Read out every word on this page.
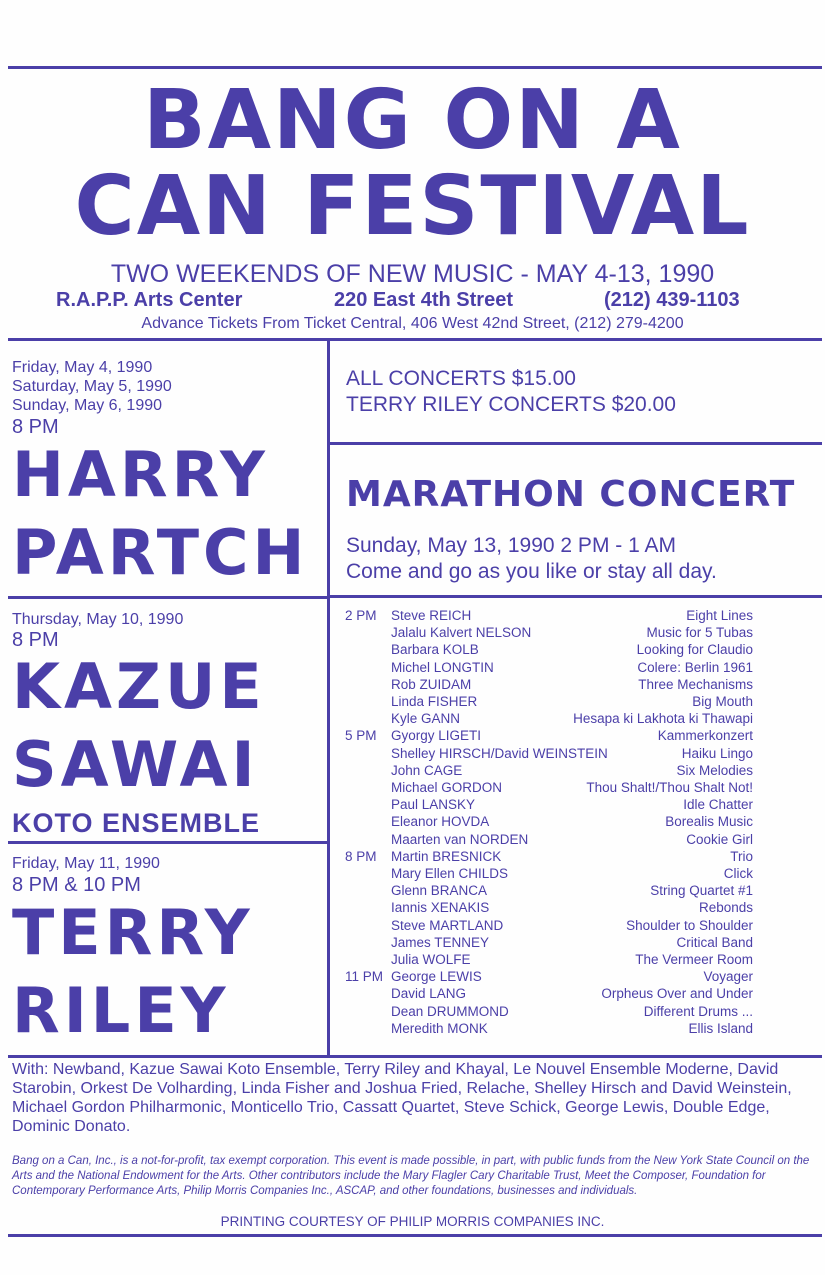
BANG ON A
CAN FESTIVAL
TWO WEEKENDS OF NEW MUSIC - MAY 4-13, 1990
R.A.P.P. Arts Center	220 East 4th Street	(212) 439-1103
Advance Tickets From Ticket Central, 406 West 42nd Street, (212) 279-4200
Friday, May 4, 1990
Saturday, May 5, 1990
Sunday, May 6, 1990
8 PM
HARRY
PARTCH
Thursday, May 10, 1990
8 PM
KAZUE
SAWAI
KOTO ENSEMBLE
Friday, May 11, 1990
8 PM & 10 PM
TERRY
RILEY
ALL CONCERTS $15.00
TERRY RILEY CONCERTS $20.00
MARATHON CONCERT
Sunday, May 13, 1990 2 PM - 1 AM
Come and go as you like or stay all day.
2 PM Steve REICH	Eight Lines
Jalalu Kalvert NELSON	Music for 5 Tubas
Barbara KOLB	Looking for Claudio
Michel LONGTIN	Colere: Berlin 1961
Rob ZUIDAM	Three Mechanisms
Linda FISHER	Big Mouth
Kyle GANN	Hesapa ki Lakhota ki Thawapi
5 PM Gyorgy LIGETI	Kammerkonzert
Shelley HIRSCH/David WEINSTEIN	Haiku Lingo
John CAGE	Six Melodies
Michael GORDON	Thou Shalt!/Thou Shalt Not!
Paul LANSKY	Idle Chatter
Eleanor HOVDA	Borealis Music
Maarten van NORDEN	Cookie Girl
8 PM Martin BRESNICK	Trio
Mary Ellen CHILDS	Click
Glenn BRANCA	String Quartet #1
Iannis XENAKIS	Rebonds
Steve MARTLAND	Shoulder to Shoulder
James TENNEY	Critical Band
Julia WOLFE	The Vermeer Room
11 PM George LEWIS	Voyager
David LANG	Orpheus Over and Under
Dean DRUMMOND	Different Drums ...
Meredith MONK	Ellis Island
With: Newband, Kazue Sawai Koto Ensemble, Terry Riley and Khayal, Le Nouvel Ensemble Moderne, David Starobin, Orkest De Volharding, Linda Fisher and Joshua Fried, Relache, Shelley Hirsch and David Weinstein, Michael Gordon Philharmonic, Monticello Trio, Cassatt Quartet, Steve Schick, George Lewis, Double Edge, Dominic Donato.
Bang on a Can, Inc., is a not-for-profit, tax exempt corporation. This event is made possible, in part, with public funds from the New York State Council on the Arts and the National Endowment for the Arts. Other contributors include the Mary Flagler Cary Charitable Trust, Meet the Composer, Foundation for Contemporary Performance Arts, Philip Morris Companies Inc., ASCAP, and other foundations, businesses and individuals.
PRINTING COURTESY OF PHILIP MORRIS COMPANIES INC.
